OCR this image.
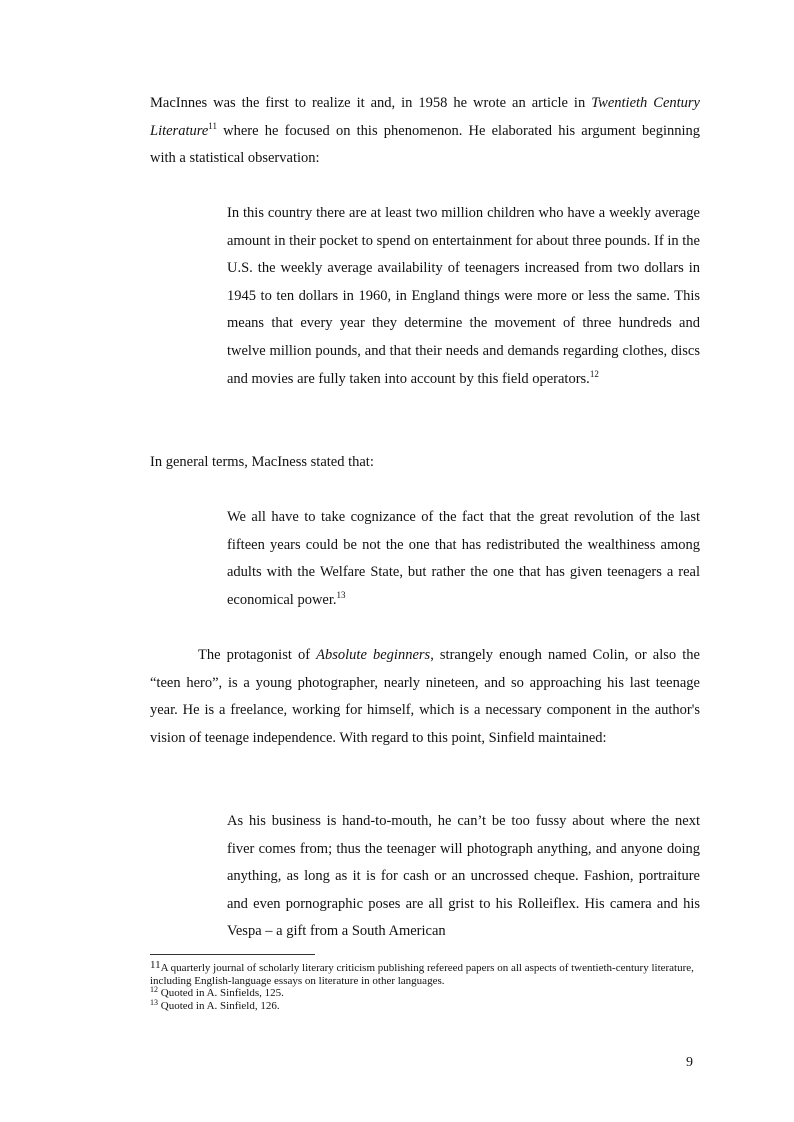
MacInnes was the first to realize it and, in 1958 he wrote an article in Twentieth Century Literature$^{11}$ where he focused on this phenomenon. He elaborated his argument beginning with a statistical observation:

In this country there are at least two million children who have a weekly average amount in their pocket to spend on entertainment for about three pounds. If in the U.S. the weekly average availability of teenagers increased from two dollars in 1945 to ten dollars in 1960, in England things were more or less the same. This means that every year they determine the movement of three hundreds and twelve million pounds, and that their needs and demands regarding clothes, discs and movies are fully taken into account by this field operators.$^{12}$

In general terms, MacIness stated that:

We all have to take cognizance of the fact that the great revolution of the last fifteen years could be not the one that has redistributed the wealthiness among adults with the Welfare State, but rather the one that has given teenagers a real economical power.$^{13}$

The protagonist of Absolute beginners, strangely enough named Colin, or also the “teen hero”, is a young photographer, nearly nineteen, and so approaching his last teenage year. He is a freelance, working for himself, which is a necessary component in the author's vision of teenage independence. With regard to this point, Sinfield maintained:

As his business is hand-to-mouth, he can’t be too fussy about where the next fiver comes from; thus the teenager will photograph anything, and anyone doing anything, as long as it is for cash or an uncrossed cheque. Fashion, portraiture and even pornographic poses are all grist to his Rolleiflex. His camera and his Vespa – a gift from a South American

$^{11}$A quarterly journal of scholarly literary criticism publishing refereed papers on all aspects of twentieth-century literature, including English-language essays on literature in other languages.

$^{12}$ Quoted in A. Sinfields, 125.

$^{13}$ Quoted in A. Sinfield, 126.

9
